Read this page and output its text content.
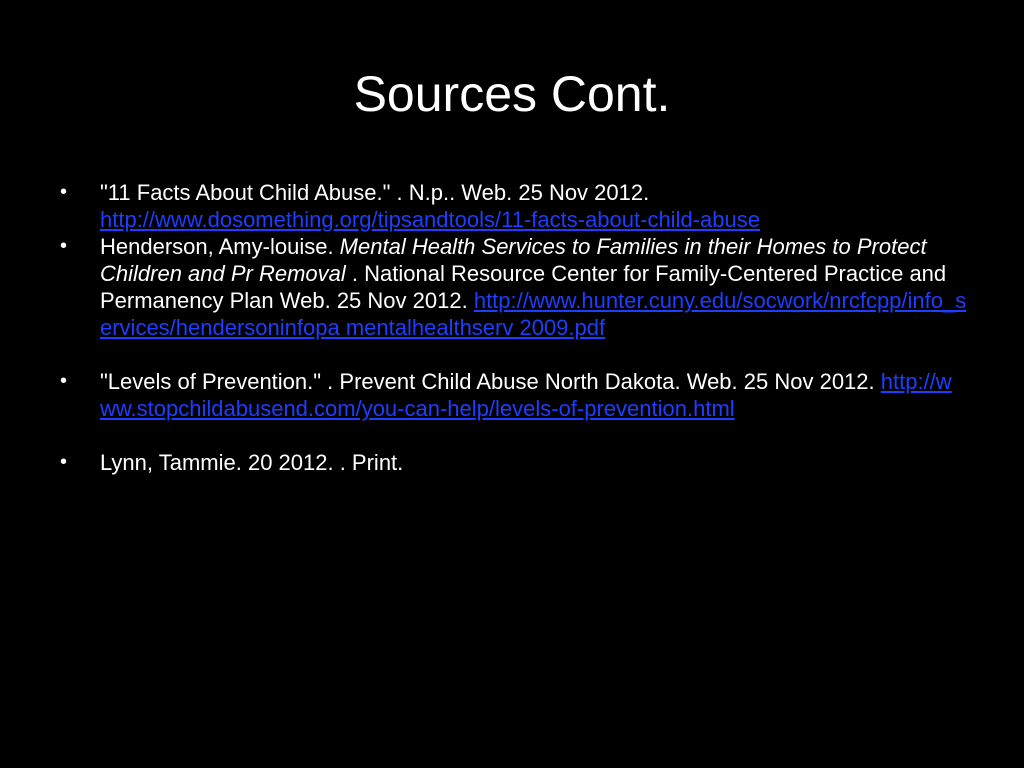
Sources Cont.
• "11 Facts About Child Abuse." . N.p.. Web. 25 Nov 2012.
http://www.dosomething.org/tipsandtools/11-facts-about-child-abuse
• Henderson, Amy-louise. Mental Health Services to Families in their Homes to Protect Children and Pr Removal . National Resource Center for Family-Centered Practice and Permanency Plan Web. 25 Nov 2012. http://www.hunter.cuny.edu/socwork/nrcfcpp/info_services/hendersoninfopa mentalhealthserv 2009.pdf
• "Levels of Prevention." . Prevent Child Abuse North Dakota. Web. 25 Nov 2012. http://www.stopchildabusend.com/you-can-help/levels-of-prevention.html
• Lynn, Tammie. 20 2012. . Print.
